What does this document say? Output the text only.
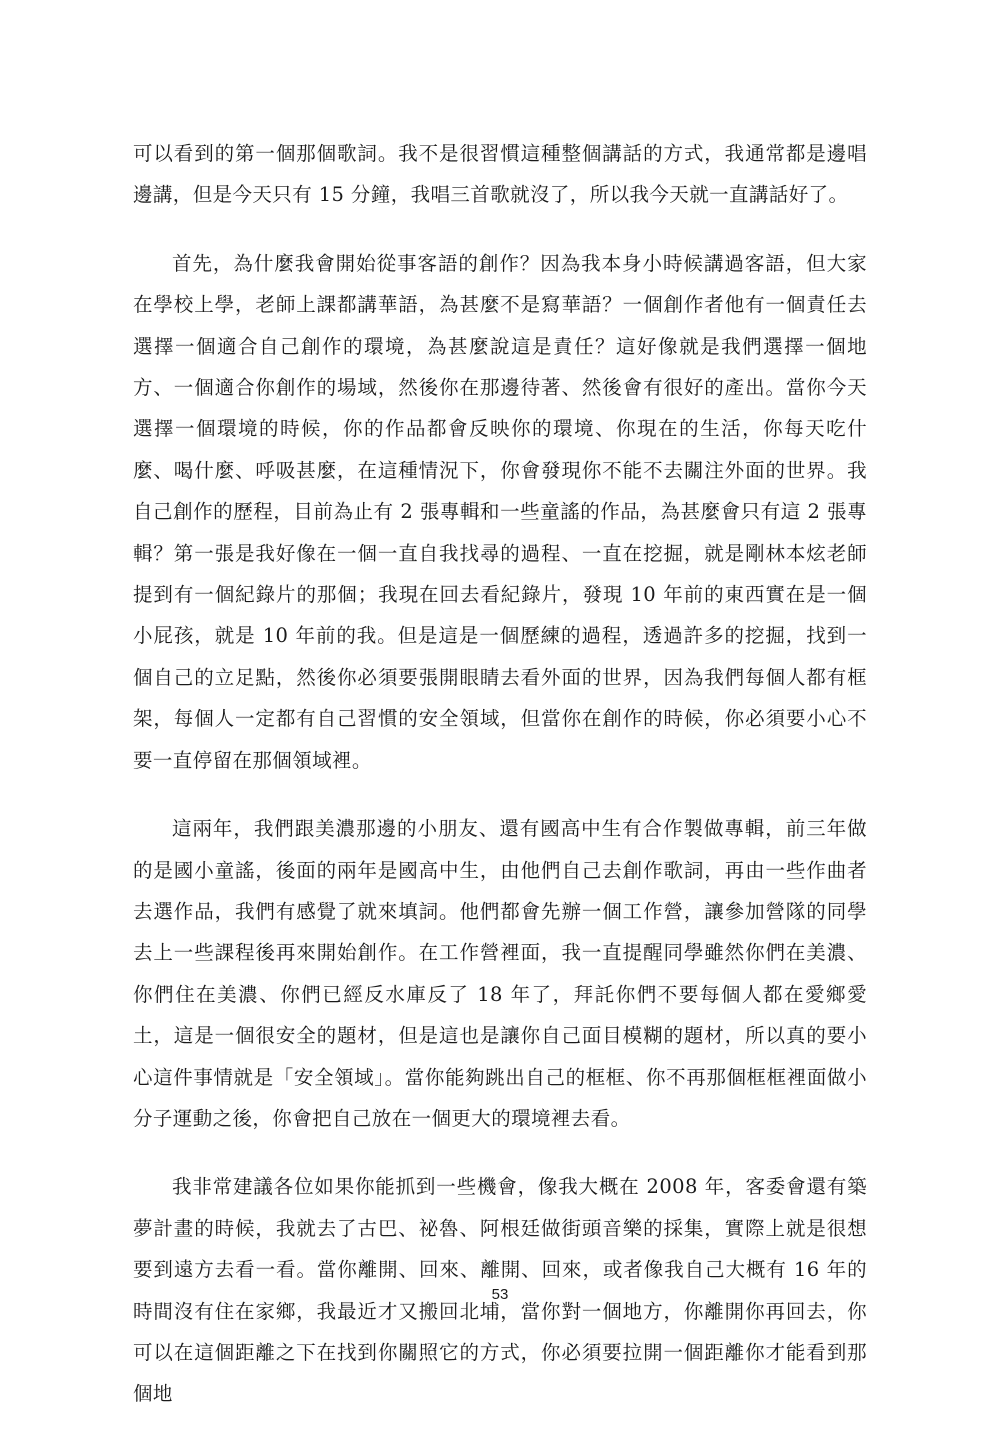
可以看到的第一個那個歌詞。我不是很習慣這種整個講話的方式，我通常都是邊唱邊講，但是今天只有 15 分鐘，我唱三首歌就沒了，所以我今天就一直講話好了。

首先，為什麼我會開始從事客語的創作？因為我本身小時候講過客語，但大家在學校上學，老師上課都講華語，為甚麼不是寫華語？一個創作者他有一個責任去選擇一個適合自己創作的環境，為甚麼說這是責任？這好像就是我們選擇一個地方、一個適合你創作的場域，然後你在那邊待著、然後會有很好的產出。當你今天選擇一個環境的時候，你的作品都會反映你的環境、你現在的生活，你每天吃什麼、喝什麼、呼吸甚麼，在這種情況下，你會發現你不能不去關注外面的世界。我自己創作的歷程，目前為止有 2 張專輯和一些童謠的作品，為甚麼會只有這 2 張專輯？第一張是我好像在一個一直自我找尋的過程、一直在挖掘，就是剛林本炫老師提到有一個紀錄片的那個；我現在回去看紀錄片，發現 10 年前的東西實在是一個小屁孩，就是 10 年前的我。但是這是一個歷練的過程，透過許多的挖掘，找到一個自己的立足點，然後你必須要張開眼睛去看外面的世界，因為我們每個人都有框架，每個人一定都有自己習慣的安全領域，但當你在創作的時候，你必須要小心不要一直停留在那個領域裡。

這兩年，我們跟美濃那邊的小朋友、還有國高中生有合作製做專輯，前三年做的是國小童謠，後面的兩年是國高中生，由他們自己去創作歌詞，再由一些作曲者去選作品，我們有感覺了就來填詞。他們都會先辦一個工作營，讓參加營隊的同學去上一些課程後再來開始創作。在工作營裡面，我一直提醒同學雖然你們在美濃、你們住在美濃、你們已經反水庫反了 18 年了，拜託你們不要每個人都在愛鄉愛土，這是一個很安全的題材，但是這也是讓你自己面目模糊的題材，所以真的要小心這件事情就是「安全領域」。當你能夠跳出自己的框框、你不再那個框框裡面做小分子運動之後，你會把自己放在一個更大的環境裡去看。

我非常建議各位如果你能抓到一些機會，像我大概在 2008 年，客委會還有築夢計畫的時候，我就去了古巴、祕魯、阿根廷做街頭音樂的採集，實際上就是很想要到遠方去看一看。當你離開、回來、離開、回來，或者像我自己大概有 16 年的時間沒有住在家鄉，我最近才又搬回北埔，當你對一個地方，你離開你再回去，你可以在這個距離之下在找到你關照它的方式，你必須要拉開一個距離你才能看到那個地

53
